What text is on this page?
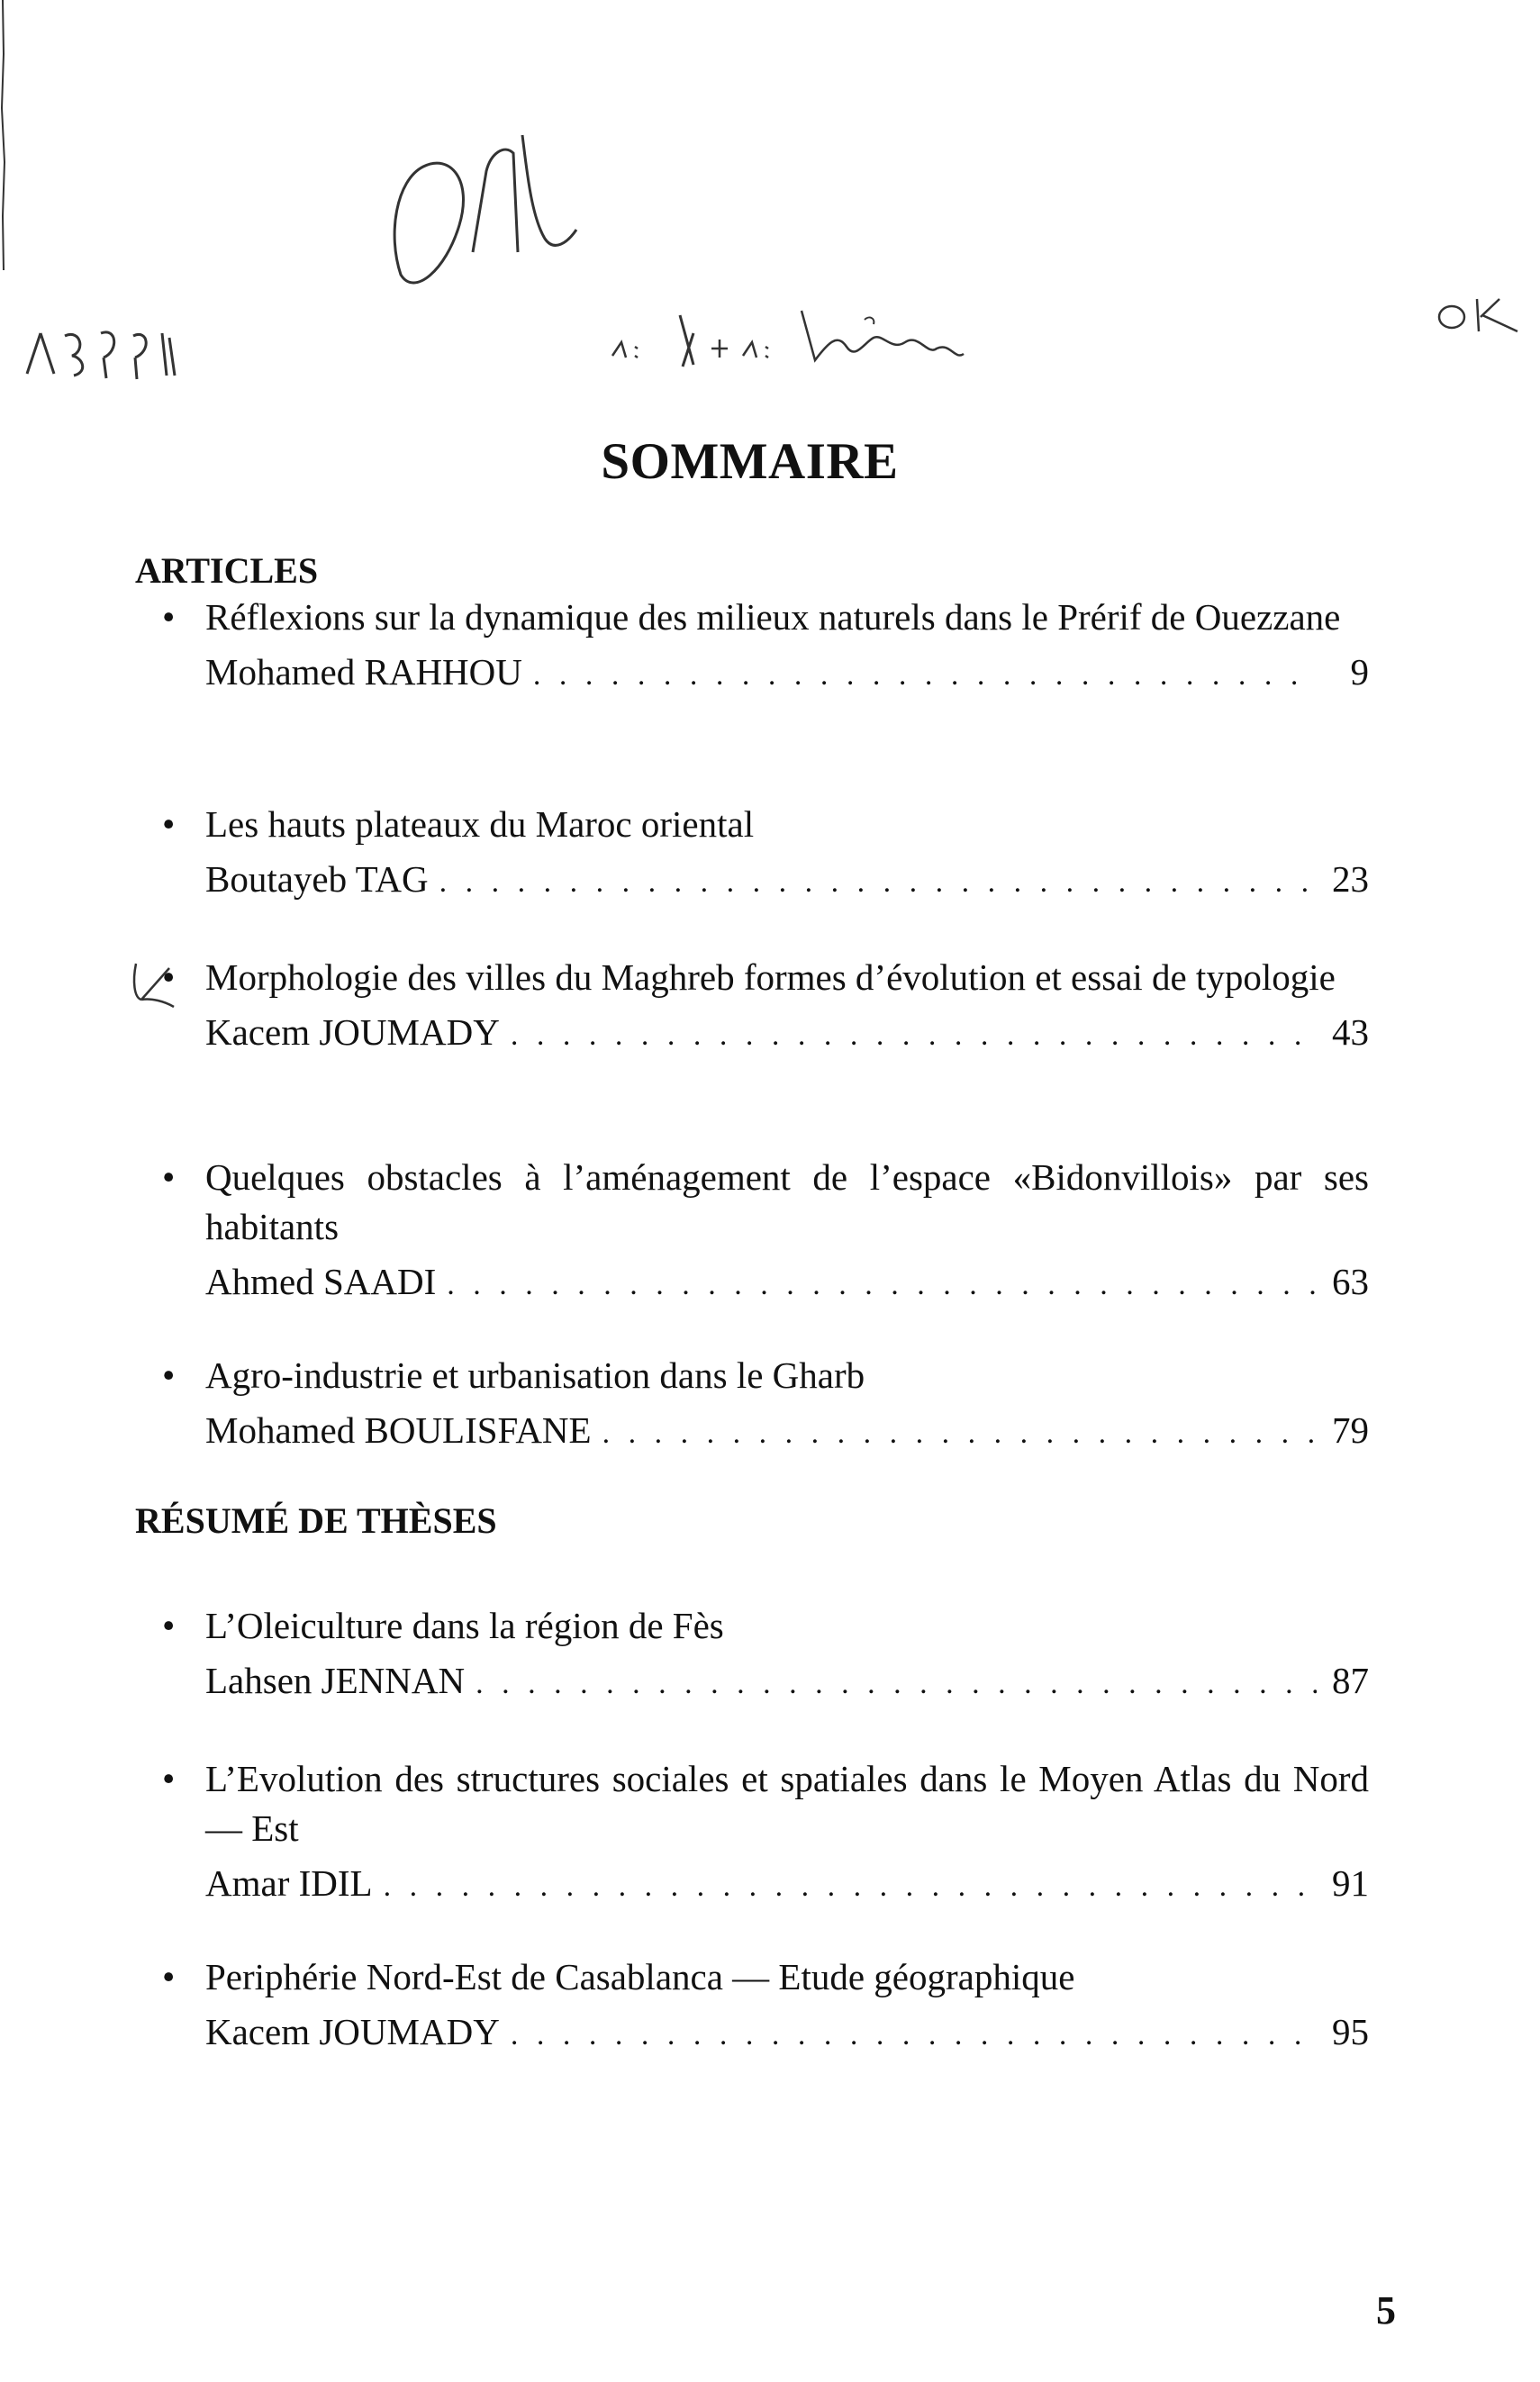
SOMMAIRE
ARTICLES
• Réflexions sur la dynamique des milieux naturels dans le Prérif de Ouezzane
Mohamed RAHHOU . . .	9
• Les hauts plateaux du Maroc oriental
Boutayeb TAG . . .	23
• Morphologie des villes du Maghreb formes d’évolution et essai de typologie
Kacem JOUMADY . . .	43
• Quelques obstacles à l’aménagement de l’espace «Bidonvillois» par ses habitants
Ahmed SAADI . . .	63
• Agro-industrie et urbanisation dans le Gharb
Mohamed BOULISFANE . . .	79
RÉSUMÉ DE THÈSES
• L’Oleiculture dans la région de Fès
Lahsen JENNAN . . .	87
• L’Evolution des structures sociales et spatiales dans le Moyen Atlas du Nord — Est
Amar IDIL . . .	91
• Periphérie Nord-Est de Casablanca — Etude géographique
Kacem JOUMADY . . .	95
5
